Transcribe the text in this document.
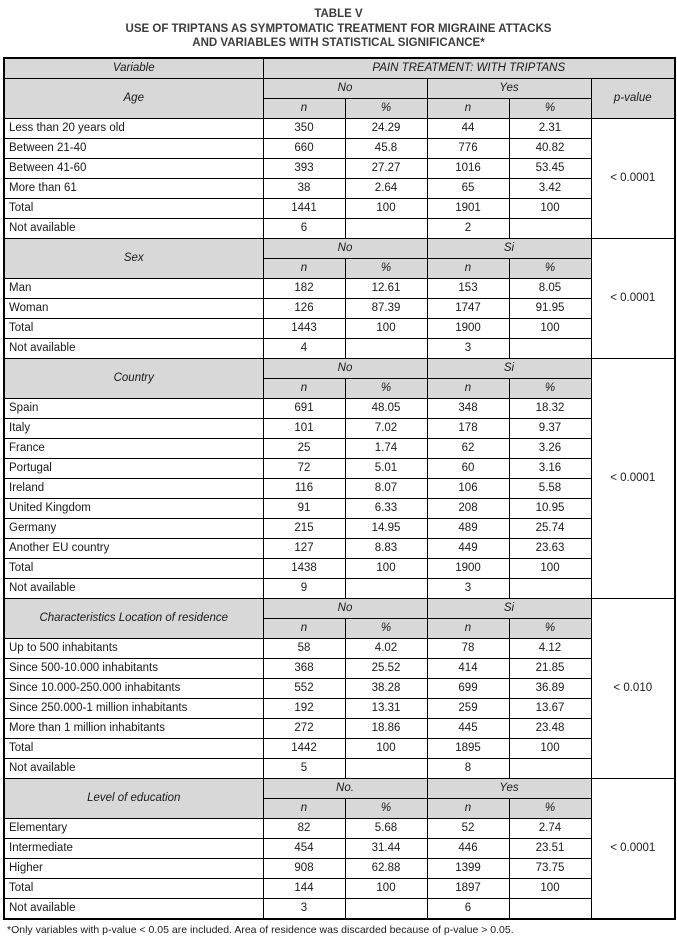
TABLE V
USE OF TRIPTANS AS SYMPTOMATIC TREATMENT FOR MIGRAINE ATTACKS
AND VARIABLES WITH STATISTICAL SIGNIFICANCE*
Variable	PAIN TREATMENT: WITH TRIPTANS				
Age	No		Yes		p-value
	n	%	n	%	
Less than 20 years old	350	24.29	44	2.31	< 0.0001
Between 21-40	660	45.8	776	40.82	
Between 41-60	393	27.27	1016	53.45	
More than 61	38	2.64	65	3.42	
Total	1441	100	1901	100	
Not available	6		2		
Sex	No		Si		< 0.0001
	n	%	n	%	
Man	182	12.61	153	8.05	
Woman	126	87.39	1747	91.95	
Total	1443	100	1900	100	
Not available	4		3		
Country	No		Si		< 0.0001
	n	%	n	%	
Spain	691	48.05	348	18.32	
Italy	101	7.02	178	9.37	
France	25	1.74	62	3.26	
Portugal	72	5.01	60	3.16	
Ireland	116	8.07	106	5.58	
United Kingdom	91	6.33	208	10.95	
Germany	215	14.95	489	25.74	
Another EU country	127	8.83	449	23.63	
Total	1438	100	1900	100	
Not available	9		3		
Characteristics Location of residence	No		Si		< 0.010
	n	%	n	%	
Up to 500 inhabitants	58	4.02	78	4.12	
Since 500-10.000 inhabitants	368	25.52	414	21.85	
Since 10.000-250.000 inhabitants	552	38.28	699	36.89	
Since 250.000-1 million inhabitants	192	13.31	259	13.67	
More than 1 million inhabitants	272	18.86	445	23.48	
Total	1442	100	1895	100	
Not available	5		8		
Level of education	No.		Yes		< 0.0001
	n	%	n	%	
Elementary	82	5.68	52	2.74	
Intermediate	454	31.44	446	23.51	
Higher	908	62.88	1399	73.75	
Total	144	100	1897	100	
Not available	3		6		
*Only variables with p-value < 0.05 are included. Area of residence was discarded because of p-value > 0.05.
